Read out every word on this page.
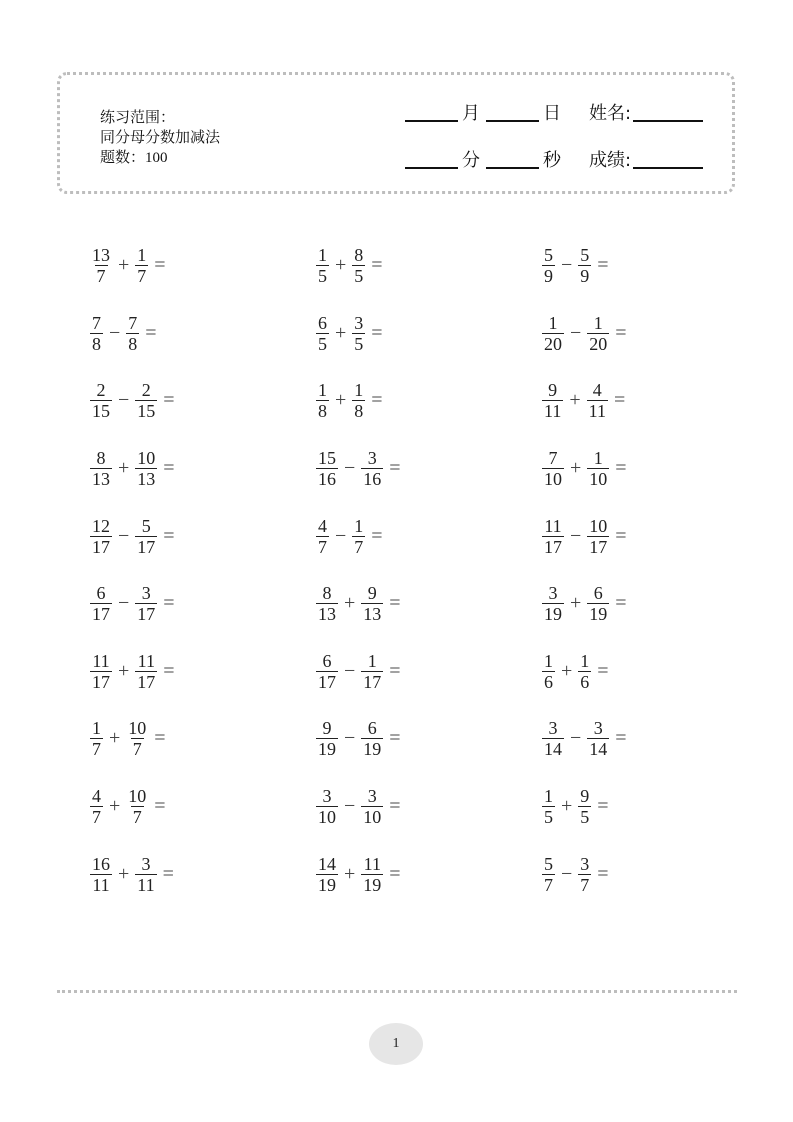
练习范围：
同分母分数加减法
题数：100
月	日 姓名:
分	秒 成绩:
$\frac{13}{7} + \frac{1}{7}$ =	$\frac{1}{5} + \frac{8}{5}$ =	$\frac{5}{9} - \frac{5}{9}$ =
$\frac{7}{8} - \frac{7}{8}$ =	$\frac{6}{5} + \frac{3}{5}$ =	$\frac{1}{20} - \frac{1}{20}$ =
$\frac{2}{15} - \frac{2}{15}$ =	$\frac{1}{8} + \frac{1}{8}$ =	$\frac{9}{11} + \frac{4}{11}$ =
$\frac{8}{13} + \frac{10}{13}$ =	$\frac{15}{16} - \frac{3}{16}$ =	$\frac{7}{10} + \frac{1}{10}$ =
$\frac{12}{17} - \frac{5}{17}$ =	$\frac{4}{7} - \frac{1}{7}$ =	$\frac{11}{17} - \frac{10}{17}$ =
$\frac{6}{17} - \frac{3}{17}$ =	$\frac{8}{13} + \frac{9}{13}$ =	$\frac{3}{19} + \frac{6}{19}$ =
$\frac{11}{17} + \frac{11}{17}$ =	$\frac{6}{17} - \frac{1}{17}$ =	$\frac{1}{6} + \frac{1}{6}$ =
$\frac{1}{7} + \frac{10}{7}$ =	$\frac{9}{19} - \frac{6}{19}$ =	$\frac{3}{14} - \frac{3}{14}$ =
$\frac{4}{7} + \frac{10}{7}$ =	$\frac{3}{10} - \frac{3}{10}$ =	$\frac{1}{5} + \frac{9}{5}$ =
$\frac{16}{11} + \frac{3}{11}$ =	$\frac{14}{19} + \frac{11}{19}$ =	$\frac{5}{7} - \frac{3}{7}$ =
1
